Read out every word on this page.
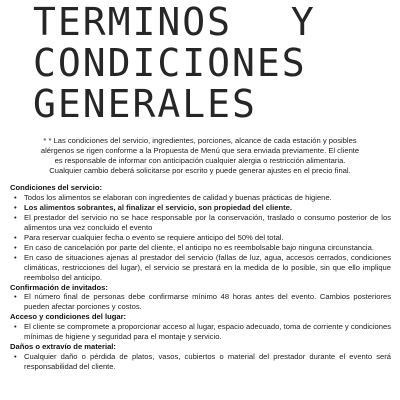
TERMINOS Y
CONDICIONES
GENERALES

* * Las condiciones del servicio, ingredientes, porciones, alcance de cada estación y posibles alérgenos se rigen conforme a la Propuesta de Menú que sera enviada previamente. El cliente es responsable de informar con anticipación cualquier alergia o restricción alimentaria. Cualquier cambio deberá solicitarse por escrito y puede generar ajustes en el precio final.

Condiciones del servicio:
• Todos los alimentos se elaboran con ingredientes de calidad y buenas prácticas de higiene.
• Los alimentos sobrantes, al finalizar el servicio, son propiedad del cliente.
• El prestador del servicio no se hace responsable por la conservación, traslado o consumo posterior de los alimentos una vez concluido el evento
• Para reservar cualquier fecha o evento se requiere anticipo del 50% del total.
• En caso de cancelación por parte del cliente, el anticipo no es reembolsable bajo ninguna circunstancia.
• En caso de situaciones ajenas al prestador del servicio (fallas de luz, agua, accesos cerrados, condiciones climáticas, restricciones del lugar), el servicio se prestará en la medida de lo posible, sin que ello implique reembolso del anticipo.
Confirmación de invitados:
• El número final de personas debe confirmarse mínimo 48 horas antes del evento. Cambios posteriores pueden afectar porciones y costos.
Acceso y condiciones del lugar:
• El cliente se compromete a proporcionar acceso al lugar, espacio adecuado, toma de corriente y condiciones mínimas de higiene y seguridad para el montaje y servicio.
Daños o extravío de material:
• Cualquier daño o pérdida de platos, vasos, cubiertos o material del prestador durante el evento será responsabilidad del cliente.
